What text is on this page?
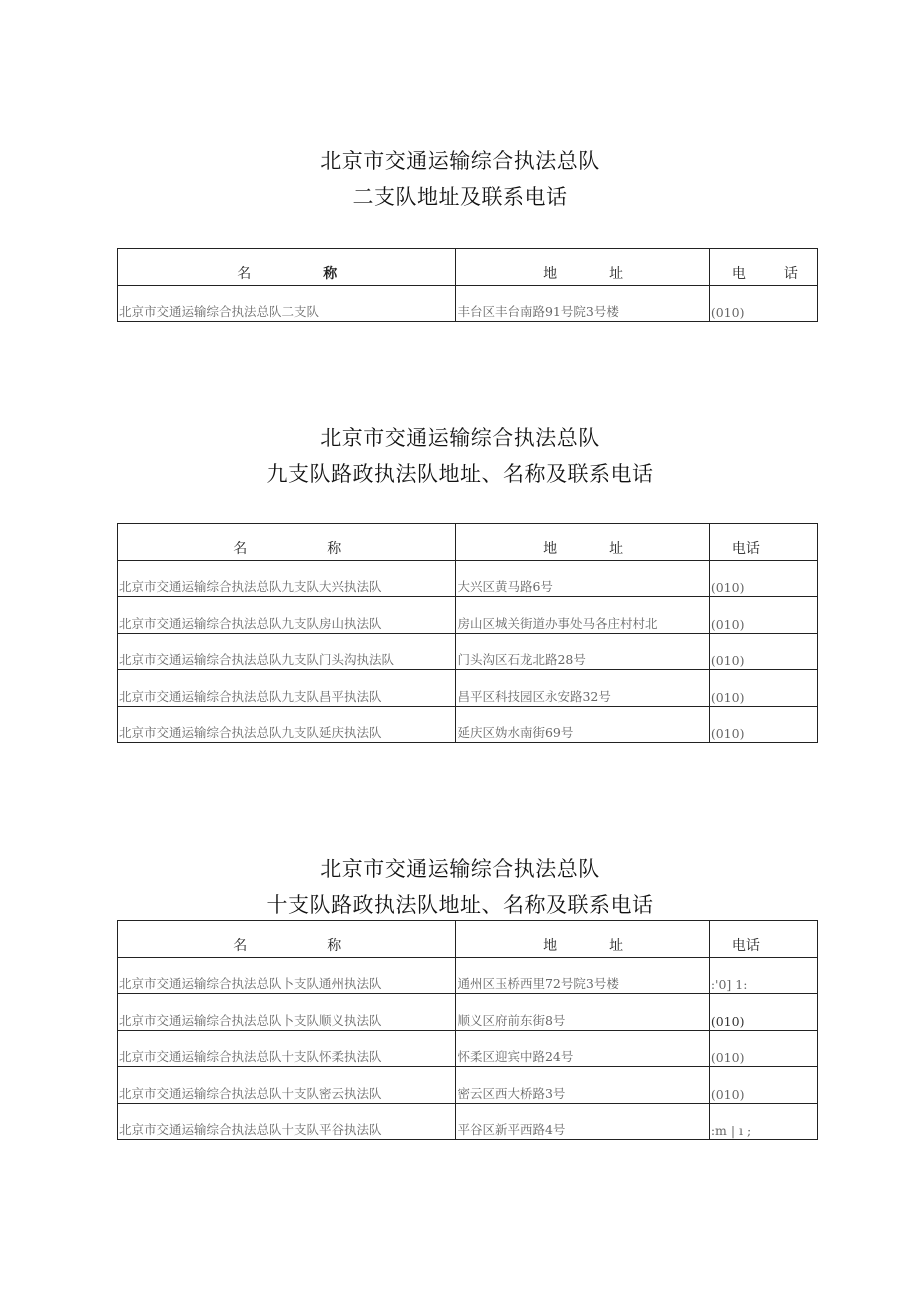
北京市交通运输综合执法总队

二支队地址及联系电话

名 称	地 址	电 话
北京市交通运输综合执法总队二支队	丰台区丰台南路91号院3号楼	(010)

北京市交通运输综合执法总队

九支队路政执法队地址、名称及联系电话

名 称	地 址	电话
北京市交通运输综合执法总队九支队大兴执法队	大兴区黄马路6号	(010)
北京市交通运输综合执法总队九支队房山执法队	房山区城关街道办事处马各庄村村北	(010)
北京市交通运输综合执法总队九支队门头沟执法队	门头沟区石龙北路28号	(010)
北京市交通运输综合执法总队九支队昌平执法队	昌平区科技园区永安路32号	(010)
北京市交通运输综合执法总队九支队延庆执法队	延庆区妫水南街69号	(010)

北京市交通运输综合执法总队

十支队路政执法队地址、名称及联系电话

名 称	地 址	电话
北京市交通运输综合执法总队卜支队通州执法队	通州区玉桥西里72号院3号楼	:'0] 1:
北京市交通运输综合执法总队卜支队顺义执法队	顺义区府前东街8号	(010)
北京市交通运输综合执法总队十支队怀柔执法队	怀柔区迎宾中路24号	(010)
北京市交通运输综合执法总队十支队密云执法队	密云区西大桥路3号	(010)
北京市交通运输综合执法总队十支队平谷执法队	平谷区新平西路4号	:m | ı ;
